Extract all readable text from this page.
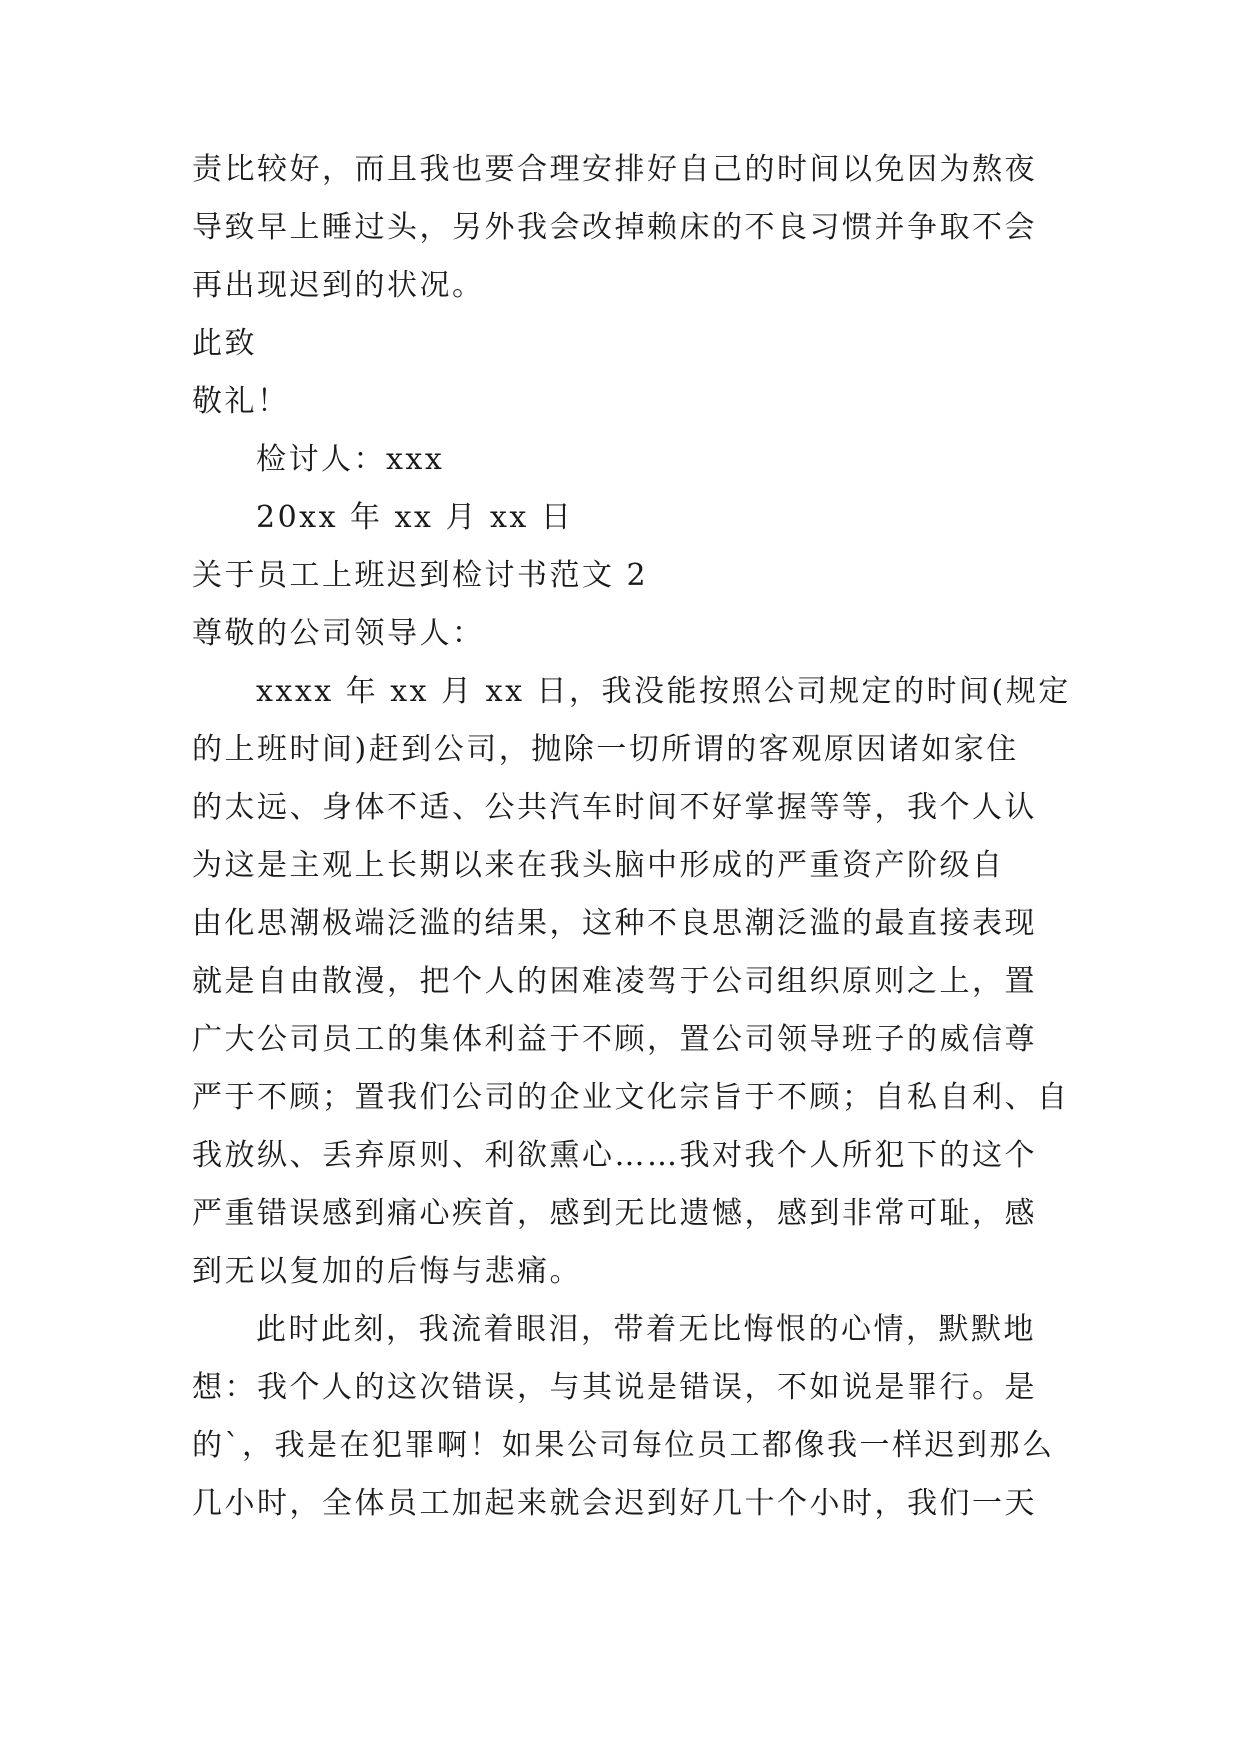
责比较好，而且我也要合理安排好自己的时间以免因为熬夜
导致早上睡过头，另外我会改掉赖床的不良习惯并争取不会
再出现迟到的状况。
此致
敬礼！
检讨人：xxx
20xx 年 xx 月 xx 日
关于员工上班迟到检讨书范文 2
尊敬的公司领导人：
xxxx 年 xx 月 xx 日，我没能按照公司规定的时间(规定
的上班时间)赶到公司，抛除一切所谓的客观原因诸如家住
的太远、身体不适、公共汽车时间不好掌握等等，我个人认
为这是主观上长期以来在我头脑中形成的严重资产阶级自
由化思潮极端泛滥的结果，这种不良思潮泛滥的最直接表现
就是自由散漫，把个人的困难凌驾于公司组织原则之上，置
广大公司员工的集体利益于不顾，置公司领导班子的威信尊
严于不顾；置我们公司的企业文化宗旨于不顾；自私自利、自
我放纵、丢弃原则、利欲熏心……我对我个人所犯下的这个
严重错误感到痛心疾首，感到无比遗憾，感到非常可耻，感
到无以复加的后悔与悲痛。
此时此刻，我流着眼泪，带着无比悔恨的心情，默默地
想：我个人的这次错误，与其说是错误，不如说是罪行。是
的`，我是在犯罪啊！如果公司每位员工都像我一样迟到那么
几小时，全体员工加起来就会迟到好几十个小时，我们一天
